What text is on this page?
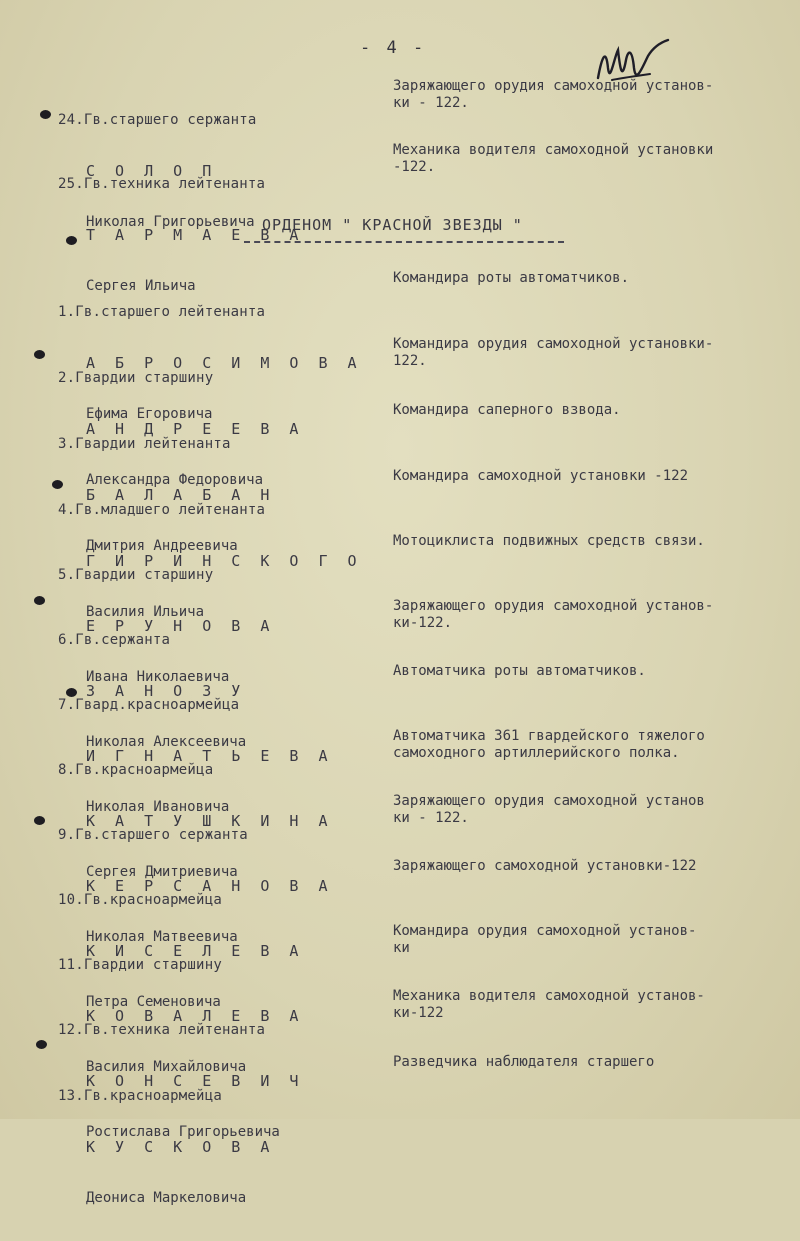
- 4 -

24.Гв.старшего сержанта

С О Л О П

Николая Григорьевича

Заряжающего орудия самоходной установ-
ки - 122.

25.Гв.техника лейтенанта

Т А Р М А Е В А

Сергея Ильича

Механика водителя самоходной установки
-122.
ОРДЕНОМ " КРАСНОЙ ЗВЕЗДЫ "

1.Гв.старшего лейтенанта

А Б Р О С И М О В А

Ефима Егоровича

Командира роты автоматчиков.

2.Гвардии старшину

А Н Д Р Е Е В А

Александра Федоровича

Командира орудия самоходной установки-
122.

3.Гвардии лейтенанта

Б А Л А Б А Н

Дмитрия Андреевича

Командира саперного взвода.

4.Гв.младшего лейтенанта

Г И Р И Н С К О Г О

Василия Ильича

Командира самоходной установки -122

5.Гвардии старшину

Е Р У Н О В А

Ивана Николаевича

Мотоциклиста подвижных средств связи.

6.Гв.сержанта

З А Н О З У

Николая Алексеевича

Заряжающего орудия самоходной установ-
ки-122.

7.Гвард.красноармейца

И Г Н А Т Ь Е В А

Николая Ивановича

Автоматчика роты автоматчиков.

8.Гв.красноармейца

К А Т У Ш К И Н А

Сергея Дмитриевича

Автоматчика 361 гвардейского тяжелого
самоходного артиллерийского полка.

9.Гв.старшего сержанта

К Е Р С А Н О В А

Николая Матвеевича

Заряжающего орудия самоходной установ
ки - 122.

10.Гв.красноармейца

К И С Е Л Е В А

Петра Семеновича

Заряжающего самоходной установки-122

11.Гвардии старшину

К О В А Л Е В А

Василия Михайловича

Командира орудия самоходной установ-
ки

12.Гв.техника лейтенанта

К О Н С Е В И Ч

Ростислава Григорьевича

Механика водителя самоходной установ-
ки-122

13.Гв.красноармейца

К У С К О В А

Деониса Маркеловича

Разведчика наблюдателя старшего
